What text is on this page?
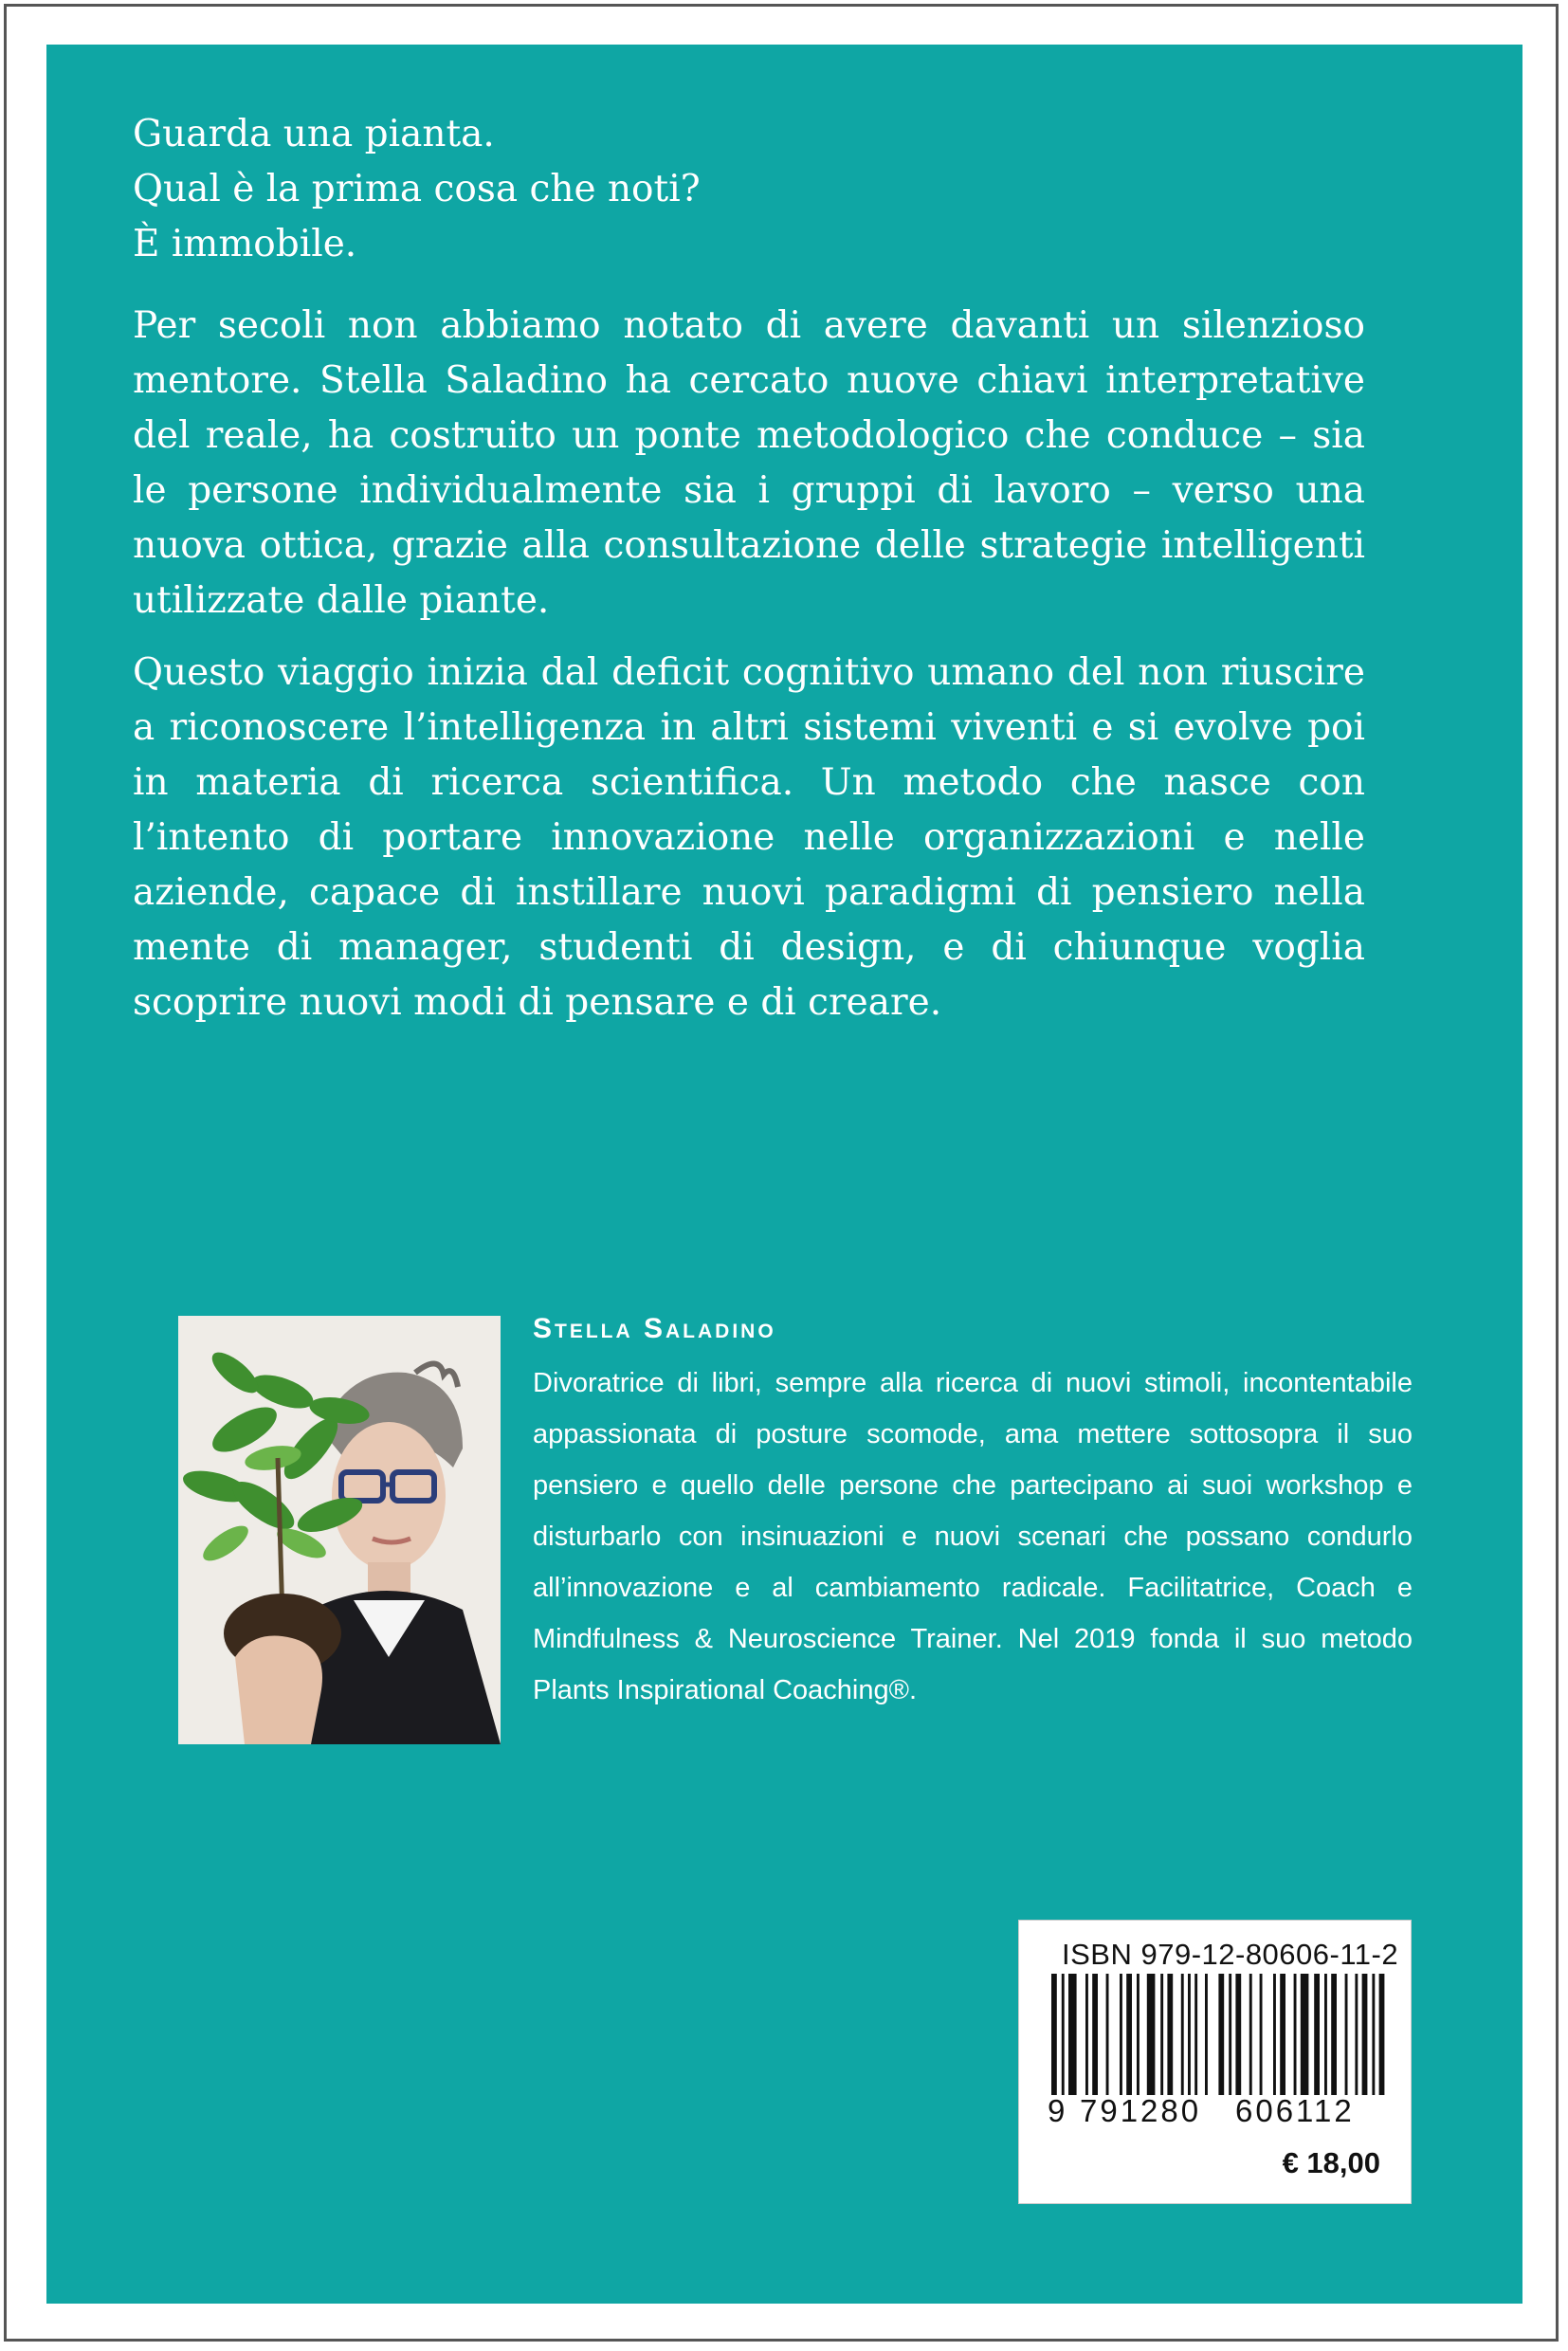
Guarda una pianta.
Qual è la prima cosa che noti?
È immobile.

Per secoli non abbiamo notato di avere davanti un silenzioso mentore. Stella Saladino ha cercato nuove chiavi interpretative del reale, ha costruito un ponte metodologico che conduce – sia le persone individualmente sia i gruppi di lavoro – verso una nuova ottica, grazie alla consultazione delle strategie intelligenti utilizzate dalle piante.

Questo viaggio inizia dal deficit cognitivo umano del non riuscire a riconoscere l’intelligenza in altri sistemi viventi e si evolve poi in materia di ricerca scientifica. Un metodo che nasce con l’intento di portare innovazione nelle organizzazioni e nelle aziende, capace di instillare nuovi paradigmi di pensiero nella mente di manager, studenti di design, e di chiunque voglia scoprire nuovi modi di pensare e di creare.

Stella Saladino
Divoratrice di libri, sempre alla ricerca di nuovi stimoli, incontentabile appassionata di posture scomode, ama mettere sottosopra il suo pensiero e quello delle persone che partecipano ai suoi workshop e disturbarlo con insinuazioni e nuovi scenari che possano condurlo all’innovazione e al cambiamento radicale. Facilitatrice, Coach e Mindfulness & Neuroscience Trainer. Nel 2019 fonda il suo metodo Plants Inspirational Coaching®.
ISBN 979-12-80606-11-2
9 791280 606112
€ 18,00
